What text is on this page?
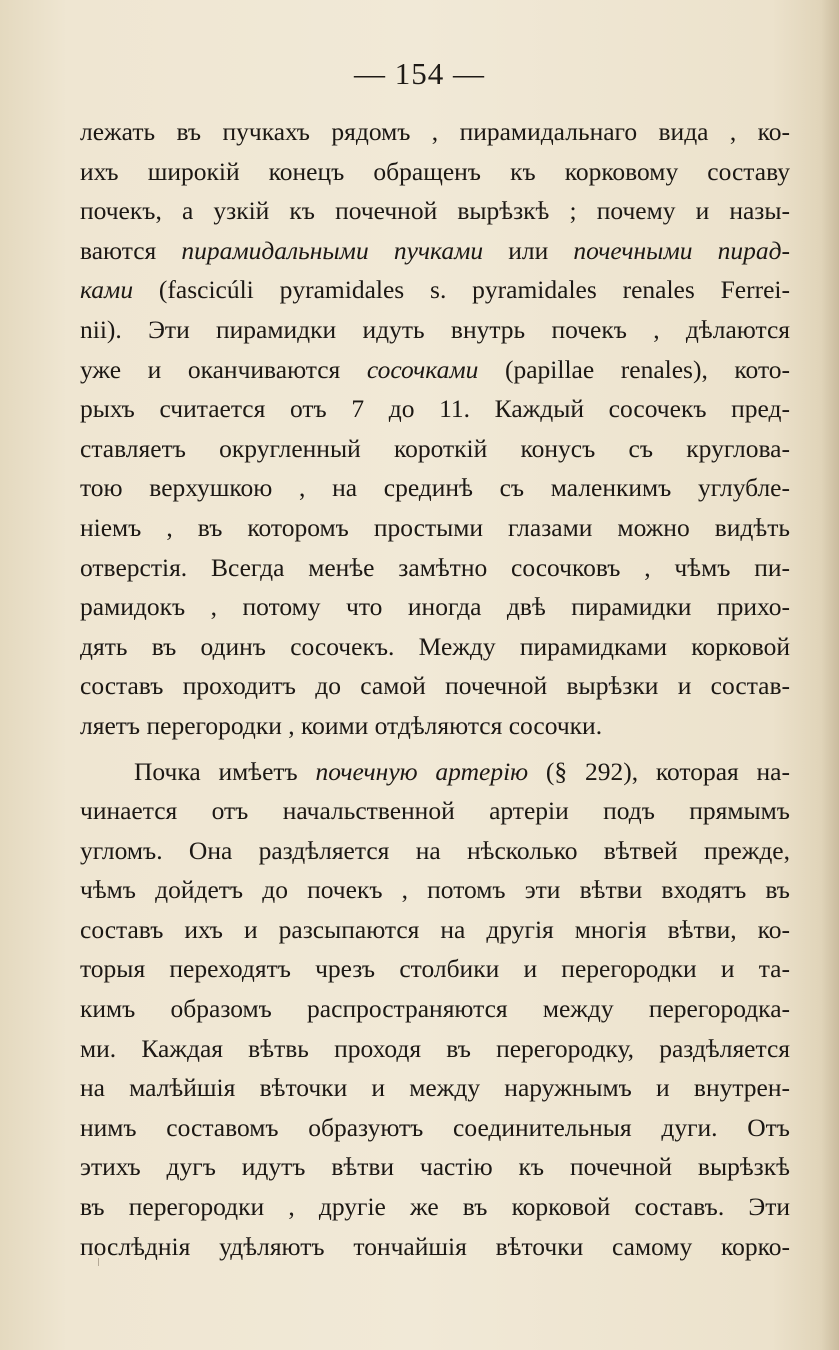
— 154 —
лежать въ пучкахъ рядомъ , пирамидальнаго вида , ко-
ихъ широкій конецъ обращенъ къ корковому составу
почекъ, а узкій къ почечной вырѣзкѣ ; почему и назы-
ваются пирамидальными пучками или почечными пирад-
ками (fascicúli pyramidales s. pyramidales renales Ferrei-
nii). Эти пирамидки идуть внутрь почекъ , дѣлаются
уже и оканчиваются сосочками (papillae renales), кото-
рыхъ считается отъ 7 до 11. Каждый сосочекъ пред-
ставляетъ округленный короткій конусъ съ круглова-
тою верхушкою , на срединѣ съ маленкимъ углубле-
ніемъ , въ которомъ простыми глазами можно видѣть
отверстія. Всегда менѣе замѣтно сосочковъ , чѣмъ пи-
рамидокъ , потому что иногда двѣ пирамидки прихо-
дять въ одинъ сосочекъ. Между пирамидками корковой
составъ проходитъ до самой почечной вырѣзки и состав-
ляетъ перегородки , коими отдѣляются сосочки.
Почка имѣетъ почечную артерію (§ 292), которая на-
чинается отъ начальственной артеріи подъ прямымъ
угломъ. Она раздѣляется на нѣсколько вѣтвей прежде,
чѣмъ дойдетъ до почекъ , потомъ эти вѣтви входятъ въ
составъ ихъ и разсыпаются на другія многія вѣтви, ко-
торыя переходятъ чрезъ столбики и перегородки и та-
кимъ образомъ распространяются между перегородка-
ми. Каждая вѣтвь проходя въ перегородку, раздѣляется
на малѣйшія вѣточки и между наружнымъ и внутрен-
нимъ составомъ образуютъ соединительныя дуги. Отъ
этихъ дугъ идутъ вѣтви частію къ почечной вырѣзкѣ
въ перегородки , другіе же въ корковой составъ. Эти
послѣднія удѣляютъ тончайшія вѣточки самому корко-
